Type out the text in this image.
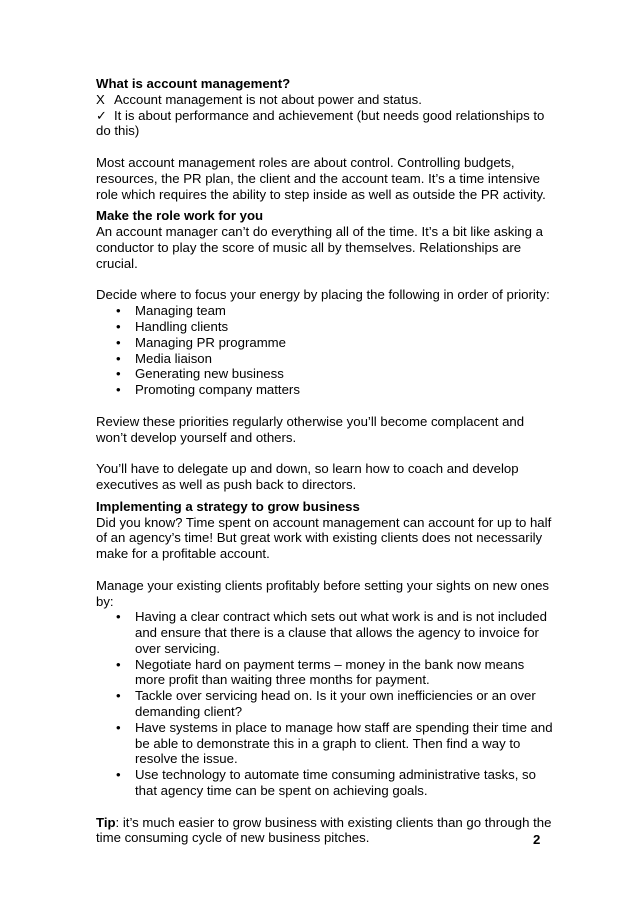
What is account management?

X Account management is not about power and status.

✓ It is about performance and achievement (but needs good relationships to do this)

Most account management roles are about control. Controlling budgets, resources, the PR plan, the client and the account team. It’s a time intensive role which requires the ability to step inside as well as outside the PR activity.

Make the role work for you

An account manager can’t do everything all of the time. It’s a bit like asking a conductor to play the score of music all by themselves. Relationships are crucial.

Decide where to focus your energy by placing the following in order of priority:

• Managing team
• Handling clients
• Managing PR programme
• Media liaison
• Generating new business
• Promoting company matters

Review these priorities regularly otherwise you’ll become complacent and won’t develop yourself and others.

You’ll have to delegate up and down, so learn how to coach and develop executives as well as push back to directors.

Implementing a strategy to grow business

Did you know? Time spent on account management can account for up to half of an agency’s time! But great work with existing clients does not necessarily make for a profitable account.

Manage your existing clients profitably before setting your sights on new ones by:

• Having a clear contract which sets out what work is and is not included and ensure that there is a clause that allows the agency to invoice for over servicing.
• Negotiate hard on payment terms – money in the bank now means more profit than waiting three months for payment.
• Tackle over servicing head on. Is it your own inefficiencies or an over demanding client?
• Have systems in place to manage how staff are spending their time and be able to demonstrate this in a graph to client. Then find a way to resolve the issue.
• Use technology to automate time consuming administrative tasks, so that agency time can be spent on achieving goals.

Tip: it’s much easier to grow business with existing clients than go through the time consuming cycle of new business pitches.	2
